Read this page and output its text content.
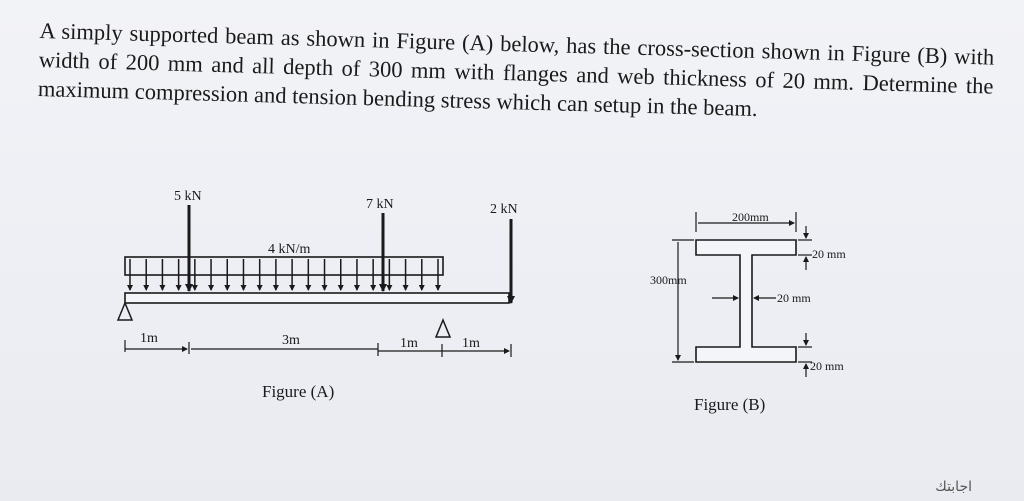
A simply supported beam as shown in Figure (A) below, has the cross-section shown in Figure (B) with width of 200 mm and all depth of 300 mm with flanges and web thickness of 20 mm. Determine the maximum compression and tension bending stress which can setup in the beam.

5 kN
7 kN	2 kN
4 kN/m
1m	3m	1m	1m
Figure (A)
200mm
300mm
20 mm
20 mm
20 mm
Figure (B)
اجابتك
